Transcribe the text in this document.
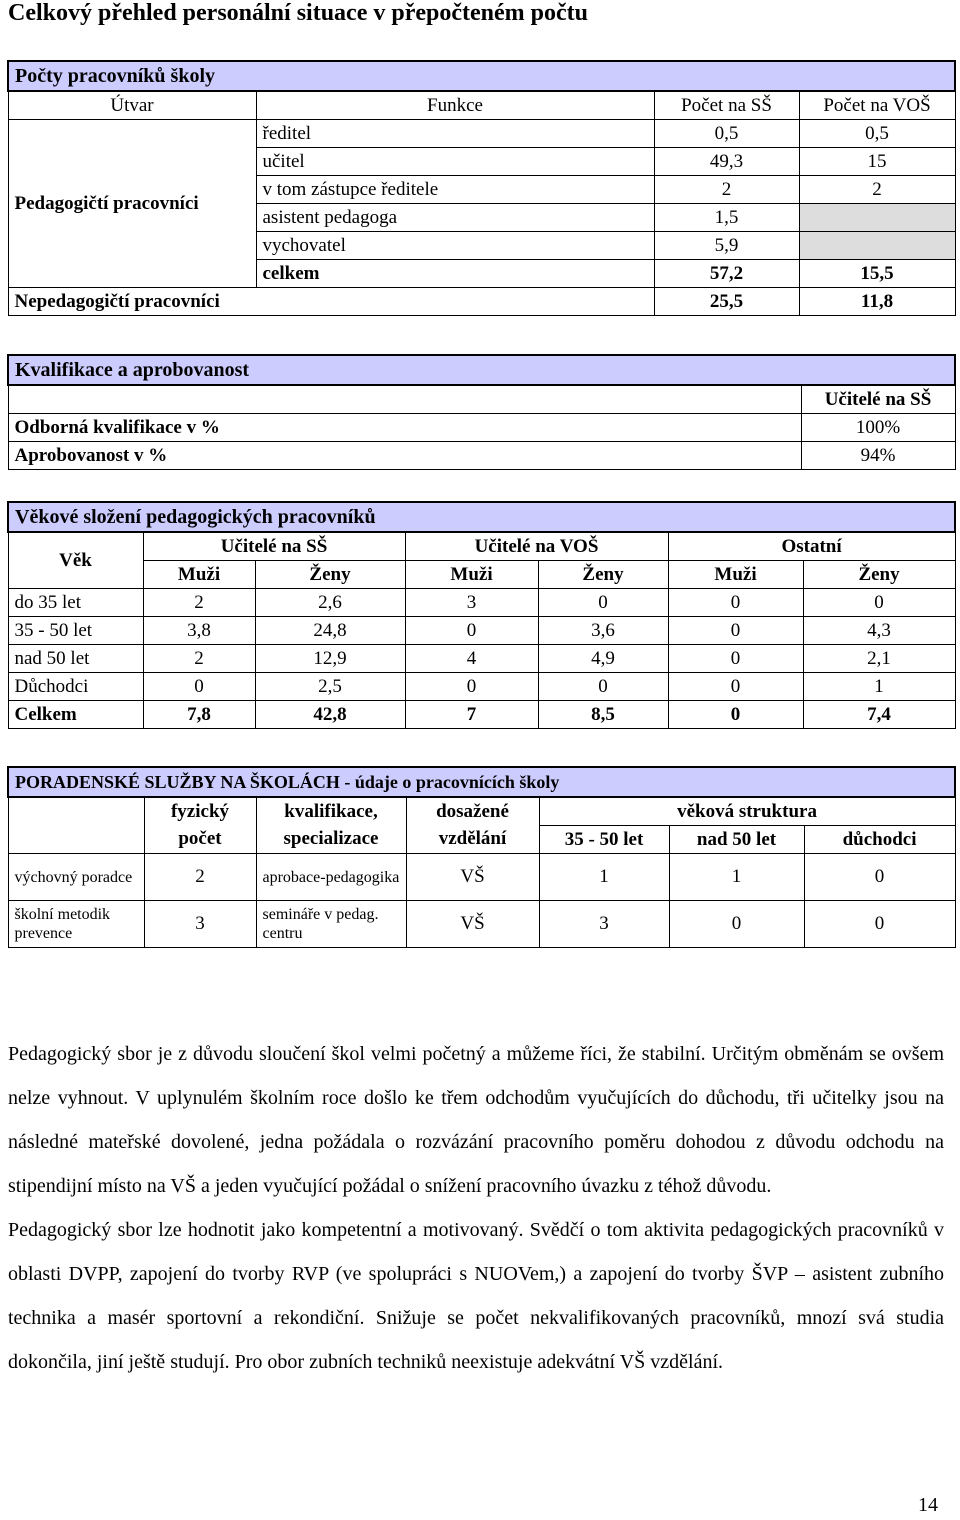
Celkový přehled personální situace v přepočteném počtu
Počty pracovníků školy			
Útvar	Funkce	Počet na SŠ	Počet na VOŠ
Pedagogičtí pracovníci	ředitel	0,5	0,5
	učitel	49,3	15
	v tom zástupce ředitele	2	2
	asistent pedagoga	1,5	
	vychovatel	5,9	
	celkem	57,2	15,5
Nepedagogičtí pracovníci		25,5	11,8
Kvalifikace a aprobovanost	
	Učitelé na SŠ
Odborná kvalifikace v %	100%
Aprobovanost v %	94%
Věkové složení pedagogických pracovníků						
Věk	Učitelé na SŠ		Učitelé na VOŠ		Ostatní	
	Muži	Ženy	Muži	Ženy	Muži	Ženy
do 35 let	2	2,6	3	0	0	0
35 - 50 let	3,8	24,8	0	3,6	0	4,3
nad 50 let	2	12,9	4	4,9	0	2,1
Důchodci	0	2,5	0	0	0	1
Celkem	7,8	42,8	7	8,5	0	7,4
PORADENSKÉ SLUŽBY NA ŠKOLÁCH - údaje o pracovnících školy						
	fyzický	kvalifikace,	dosažené	věková struktura		
	počet	specializace	vzdělání	35 - 50 let	nad 50 let	důchodci
výchovný poradce	2	aprobace-pedagogika	VŠ	1	1	0
školní metodik prevence	3	semináře v pedag. centru	VŠ	3	0	0

Pedagogický sbor je z důvodu sloučení škol velmi početný a můžeme říci, že stabilní. Určitým obměnám se ovšem nelze vyhnout. V uplynulém školním roce došlo ke třem odchodům vyučujících do důchodu, tři učitelky jsou na následné mateřské dovolené, jedna požádala o rozvázání pracovního poměru dohodou z důvodu odchodu na stipendijní místo na VŠ a jeden vyučující požádal o snížení pracovního úvazku z téhož důvodu.

Pedagogický sbor lze hodnotit jako kompetentní a motivovaný. Svědčí o tom aktivita pedagogických pracovníků v oblasti DVPP, zapojení do tvorby RVP (ve spolupráci s NUOVem,) a zapojení do tvorby ŠVP – asistent zubního technika a masér sportovní a rekondiční. Snižuje se počet nekvalifikovaných pracovníků, mnozí svá studia dokončila, jiní ještě studují. Pro obor zubních techniků neexistuje adekvátní VŠ vzdělání.

14
